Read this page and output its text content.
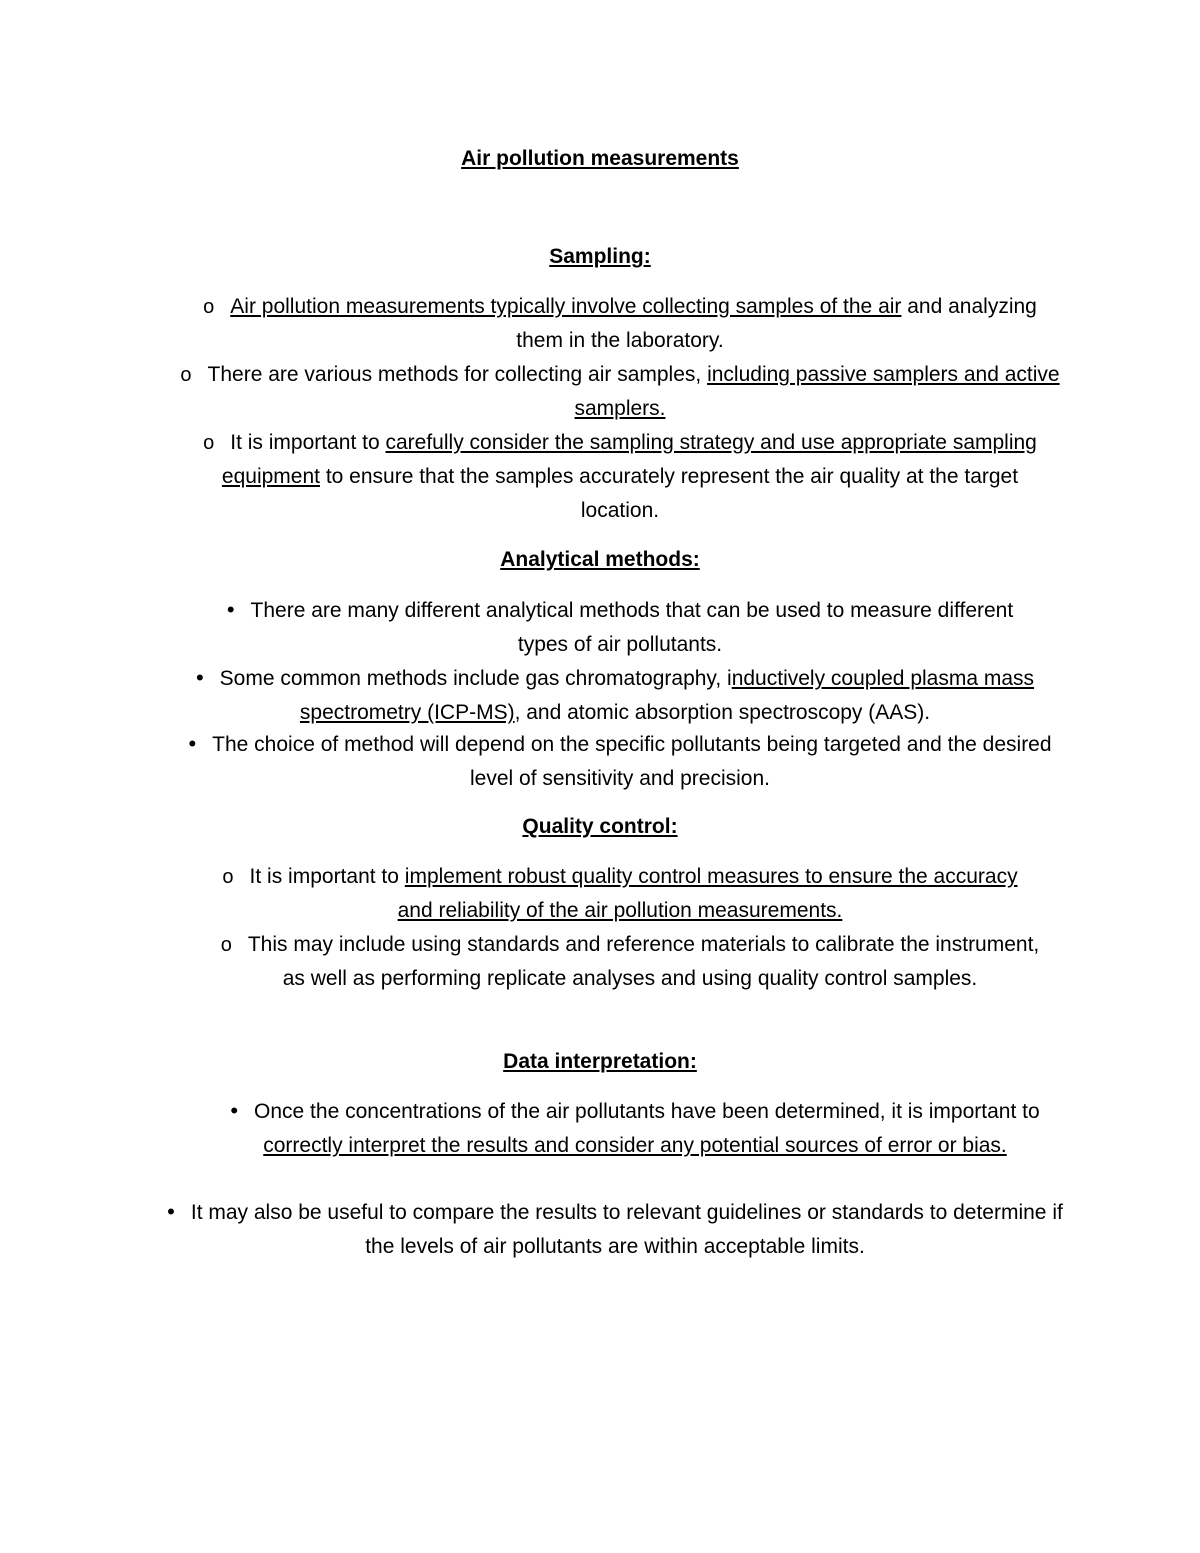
Air pollution measurements
Sampling:

o Air pollution measurements typically involve collecting samples of the air and analyzing them in the laboratory.

o There are various methods for collecting air samples, including passive samplers and active samplers.

o It is important to carefully consider the sampling strategy and use appropriate sampling equipment to ensure that the samples accurately represent the air quality at the target location.

Analytical methods:

• There are many different analytical methods that can be used to measure different types of air pollutants.

• Some common methods include gas chromatography, inductively coupled plasma mass spectrometry (ICP-MS), and atomic absorption spectroscopy (AAS).

• The choice of method will depend on the specific pollutants being targeted and the desired level of sensitivity and precision.

Quality control:

o It is important to implement robust quality control measures to ensure the accuracy and reliability of the air pollution measurements.

o This may include using standards and reference materials to calibrate the instrument, as well as performing replicate analyses and using quality control samples.

Data interpretation:

• Once the concentrations of the air pollutants have been determined, it is important to correctly interpret the results and consider any potential sources of error or bias.

• It may also be useful to compare the results to relevant guidelines or standards to determine if the levels of air pollutants are within acceptable limits.
